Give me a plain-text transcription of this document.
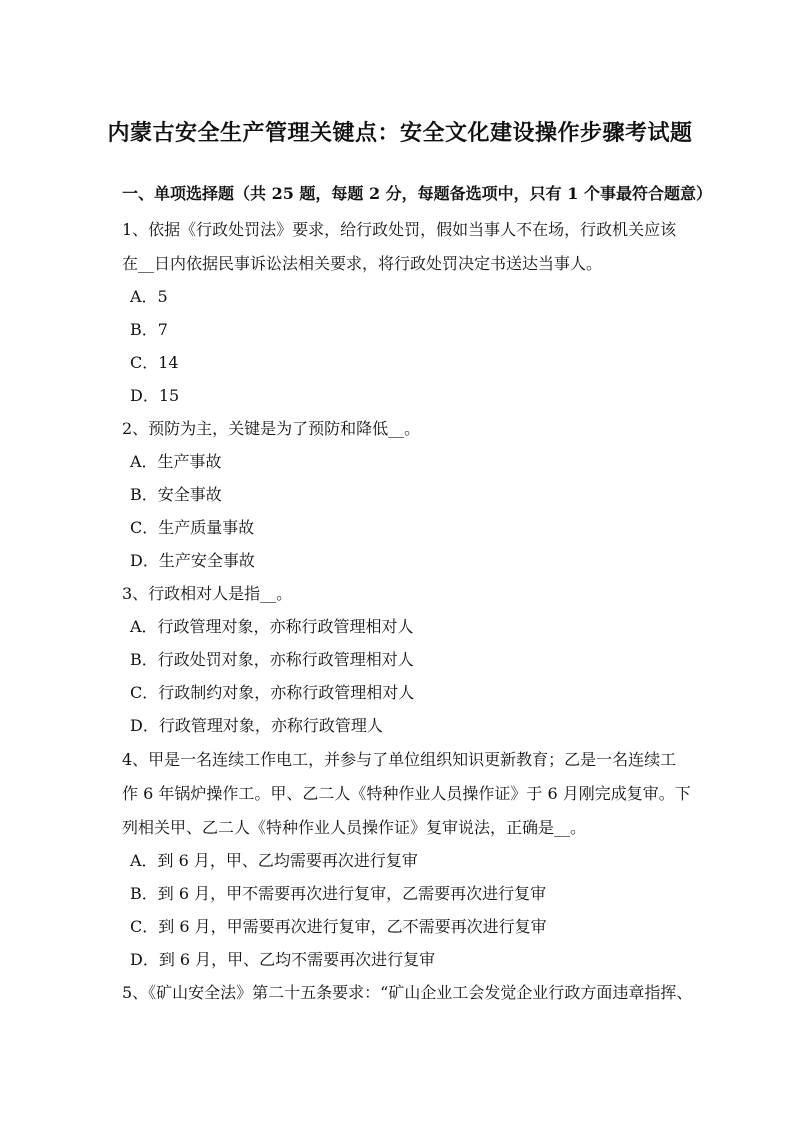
内蒙古安全生产管理关键点：安全文化建设操作步骤考试题
一、单项选择题（共 25 题，每题 2 分，每题备选项中，只有 1 个事最符合题意）
1、依据《行政处罚法》要求，给行政处罚，假如当事人不在场，行政机关应该
在__日内依据民事诉讼法相关要求，将行政处罚决定书送达当事人。
A．5
B．7
C．14
D．15
2、预防为主，关键是为了预防和降低__。
A．生产事故
B．安全事故
C．生产质量事故
D．生产安全事故
3、行政相对人是指__。
A．行政管理对象，亦称行政管理相对人
B．行政处罚对象，亦称行政管理相对人
C．行政制约对象，亦称行政管理相对人
D．行政管理对象，亦称行政管理人
4、甲是一名连续工作电工，并参与了单位组织知识更新教育；乙是一名连续工
作 6 年锅炉操作工。甲、乙二人《特种作业人员操作证》于 6 月刚完成复审。下
列相关甲、乙二人《特种作业人员操作证》复审说法，正确是__。
A．到 6 月，甲、乙均需要再次进行复审
B．到 6 月，甲不需要再次进行复审，乙需要再次进行复审
C．到 6 月，甲需要再次进行复审，乙不需要再次进行复审
D．到 6 月，甲、乙均不需要再次进行复审
5、《矿山安全法》第二十五条要求：“矿山企业工会发觉企业行政方面违章指挥、
